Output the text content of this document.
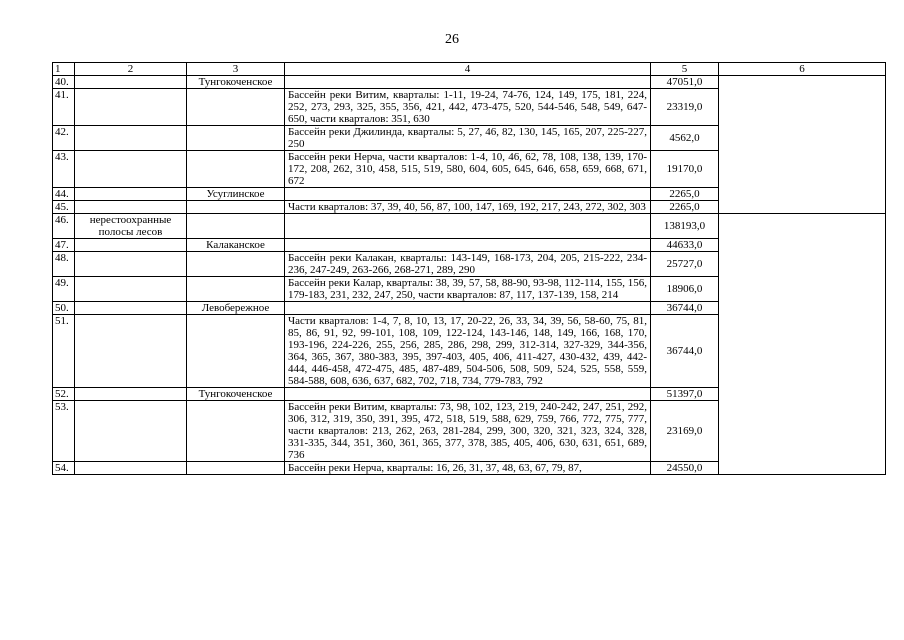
26
1	2	3	4	5	6
40.		Тунгокоченское		47051,0	
41.			Бассейн реки Витим, кварталы: 1-11, 19-24, 74-76, 124, 149, 175, 181, 224, 252, 273, 293, 325, 355, 356, 421, 442, 473-475, 520, 544-546, 548, 549, 647-650, части кварталов: 351, 630	23319,0	
42.			Бассейн реки Джилинда, кварталы: 5, 27, 46, 82, 130, 145, 165, 207, 225-227, 250	4562,0	
43.			Бассейн реки Нерча, части кварталов: 1-4, 10, 46, 62, 78, 108, 138, 139, 170-172, 208, 262, 310, 458, 515, 519, 580, 604, 605, 645, 646, 658, 659, 668, 671, 672	19170,0	
44.		Усуглинское		2265,0	
45.			Части кварталов: 37, 39, 40, 56, 87, 100, 147, 169, 192, 217, 243, 272, 302, 303	2265,0	
46.	нерестоохранные полосы лесов			138193,0	
47.		Калаканское		44633,0	
48.			Бассейн реки Калакан, кварталы: 143-149, 168-173, 204, 205, 215-222, 234-236, 247-249, 263-266, 268-271, 289, 290	25727,0	
49.			Бассейн реки Калар, кварталы: 38, 39, 57, 58, 88-90, 93-98, 112-114, 155, 156, 179-183, 231, 232, 247, 250, части кварталов: 87, 117, 137-139, 158, 214	18906,0	
50.		Левобережное		36744,0	
51.			Части кварталов: 1-4, 7, 8, 10, 13, 17, 20-22, 26, 33, 34, 39, 56, 58-60, 75, 81, 85, 86, 91, 92, 99-101, 108, 109, 122-124, 143-146, 148, 149, 166, 168, 170, 193-196, 224-226, 255, 256, 285, 286, 298, 299, 312-314, 327-329, 344-356, 364, 365, 367, 380-383, 395, 397-403, 405, 406, 411-427, 430-432, 439, 442-444, 446-458, 472-475, 485, 487-489, 504-506, 508, 509, 524, 525, 558, 559, 584-588, 608, 636, 637, 682, 702, 718, 734, 779-783, 792	36744,0	
52.		Тунгокоченское		51397,0	
53.			Бассейн реки Витим, кварталы: 73, 98, 102, 123, 219, 240-242, 247, 251, 292, 306, 312, 319, 350, 391, 395, 472, 518, 519, 588, 629, 759, 766, 772, 775, 777, части кварталов: 213, 262, 263, 281-284, 299, 300, 320, 321, 323, 324, 328, 331-335, 344, 351, 360, 361, 365, 377, 378, 385, 405, 406, 630, 631, 651, 689, 736	23169,0	
54.			Бассейн реки Нерча, кварталы: 16, 26, 31, 37, 48, 63, 67, 79, 87,	24550,0	
